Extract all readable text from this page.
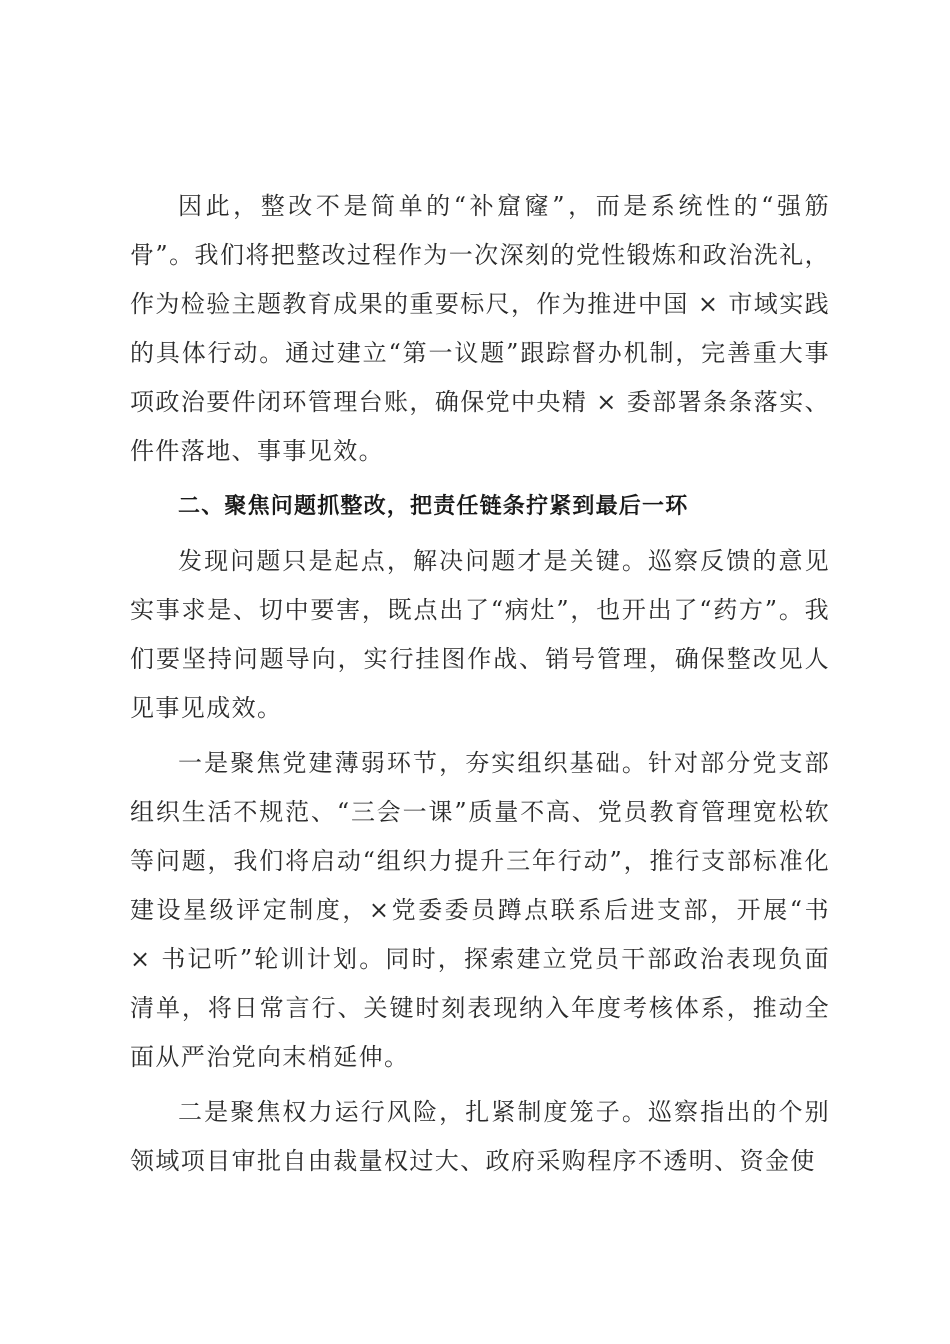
因此，整改不是简单的“补窟窿”，而是系统性的“强筋骨”。我们将把整改过程作为一次深刻的党性锻炼和政治洗礼，作为检验主题教育成果的重要标尺，作为推进中国 × 市域实践的具体行动。通过建立“第一议题”跟踪督办机制，完善重大事项政治要件闭环管理台账，确保党中央精 × 委部署条条落实、件件落地、事事见效。

二、聚焦问题抓整改，把责任链条拧紧到最后一环

发现问题只是起点，解决问题才是关键。巡察反馈的意见实事求是、切中要害，既点出了“病灶”，也开出了“药方”。我们要坚持问题导向，实行挂图作战、销号管理，确保整改见人见事见成效。

一是聚焦党建薄弱环节，夯实组织基础。针对部分党支部组织生活不规范、“三会一课”质量不高、党员教育管理宽松软等问题，我们将启动“组织力提升三年行动”，推行支部标准化建设星级评定制度，×党委委员蹲点联系后进支部，开展“书 × 书记听”轮训计划。同时，探索建立党员干部政治表现负面清单，将日常言行、关键时刻表现纳入年度考核体系，推动全面从严治党向末梢延伸。

二是聚焦权力运行风险，扎紧制度笼子。巡察指出的个别领域项目审批自由裁量权过大、政府采购程序不透明、资金使
